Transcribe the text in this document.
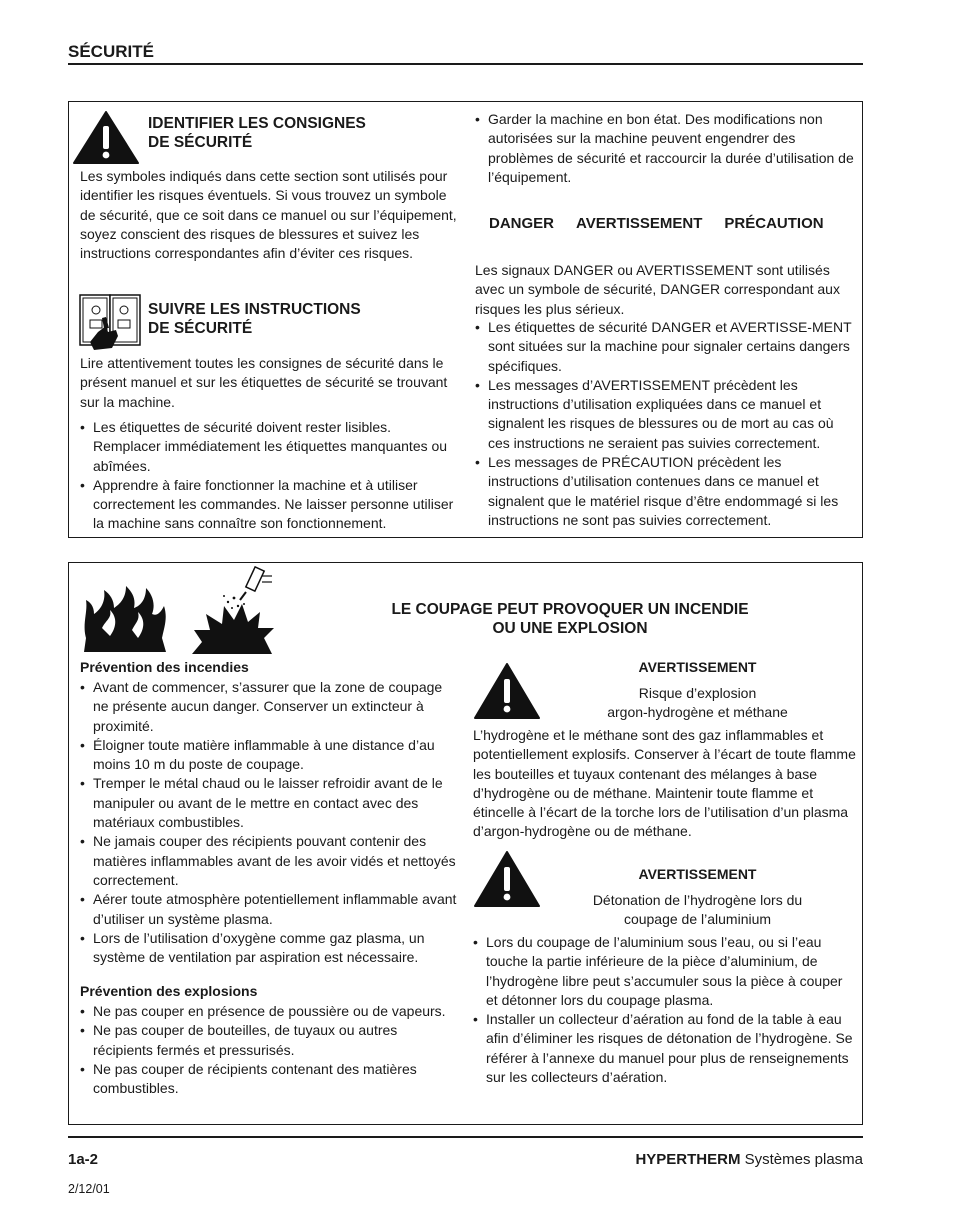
SÉCURITÉ
IDENTIFIER LES CONSIGNES
DE SÉCURITÉ
Les symboles indiqués dans cette section sont utilisés pour identifier les risques éventuels. Si vous trouvez un symbole de sécurité, que ce soit dans ce manuel ou sur l’équipement, soyez conscient des risques de blessures et suivez les instructions correspondantes afin d’éviter ces risques.
SUIVRE LES INSTRUCTIONS
DE SÉCURITÉ
Lire attentivement toutes les consignes de sécurité dans le présent manuel et sur les étiquettes de sécurité se trouvant sur la machine.
• Les étiquettes de sécurité doivent rester lisibles. Remplacer immédiatement les étiquettes manquantes ou abîmées.
• Apprendre à faire fonctionner la machine et à utiliser correctement les commandes. Ne laisser personne utiliser la machine sans connaître son fonctionnement.
• Garder la machine en bon état. Des modifications non autorisées sur la machine peuvent engendrer des problèmes de sécurité et raccourcir la durée d’utilisation de l’équipement.
DANGER AVERTISSEMENT PRÉCAUTION
Les signaux DANGER ou AVERTISSEMENT sont utilisés avec un symbole de sécurité, DANGER correspondant aux risques les plus sérieux.
• Les étiquettes de sécurité DANGER et AVERTISSE-MENT sont situées sur la machine pour signaler certains dangers spécifiques.
• Les messages d’AVERTISSEMENT précèdent les instructions d’utilisation expliquées dans ce manuel et signalent les risques de blessures ou de mort au cas où ces instructions ne seraient pas suivies correctement.
• Les messages de PRÉCAUTION précèdent les instructions d’utilisation contenues dans ce manuel et signalent que le matériel risque d’être endommagé si les instructions ne sont pas suivies correctement.
LE COUPAGE PEUT PROVOQUER UN INCENDIE
OU UNE EXPLOSION
Prévention des incendies
• Avant de commencer, s’assurer que la zone de coupage ne présente aucun danger. Conserver un extincteur à proximité.
• Éloigner toute matière inflammable à une distance d’au moins 10 m du poste de coupage.
• Tremper le métal chaud ou le laisser refroidir avant de le manipuler ou avant de le mettre en contact avec des matériaux combustibles.
• Ne jamais couper des récipients pouvant contenir des matières inflammables avant de les avoir vidés et nettoyés correctement.
• Aérer toute atmosphère potentiellement inflammable avant d’utiliser un système plasma.
• Lors de l’utilisation d’oxygène comme gaz plasma, un système de ventilation par aspiration est nécessaire.
Prévention des explosions
• Ne pas couper en présence de poussière ou de vapeurs.
• Ne pas couper de bouteilles, de tuyaux ou autres récipients fermés et pressurisés.
• Ne pas couper de récipients contenant des matières combustibles.
AVERTISSEMENT
Risque d’explosion
argon-hydrogène et méthane
L’hydrogène et le méthane sont des gaz inflammables et potentiellement explosifs. Conserver à l’écart de toute flamme les bouteilles et tuyaux contenant des mélanges à base d’hydrogène ou de méthane. Maintenir toute flamme et étincelle à l’écart de la torche lors de l’utilisation d’un plasma d’argon-hydrogène ou de méthane.
AVERTISSEMENT
Détonation de l’hydrogène lors du
coupage de l’aluminium
• Lors du coupage de l’aluminium sous l’eau, ou si l’eau touche la partie inférieure de la pièce d’aluminium, de l’hydrogène libre peut s’accumuler sous la pièce à couper et détonner lors du coupage plasma.
• Installer un collecteur d’aération au fond de la table à eau afin d’éliminer les risques de détonation de l’hydrogène. Se référer à l’annexe du manuel pour plus de renseignements sur les collecteurs d’aération.
1a-2	HYPERTHERM Systèmes plasma
2/12/01
